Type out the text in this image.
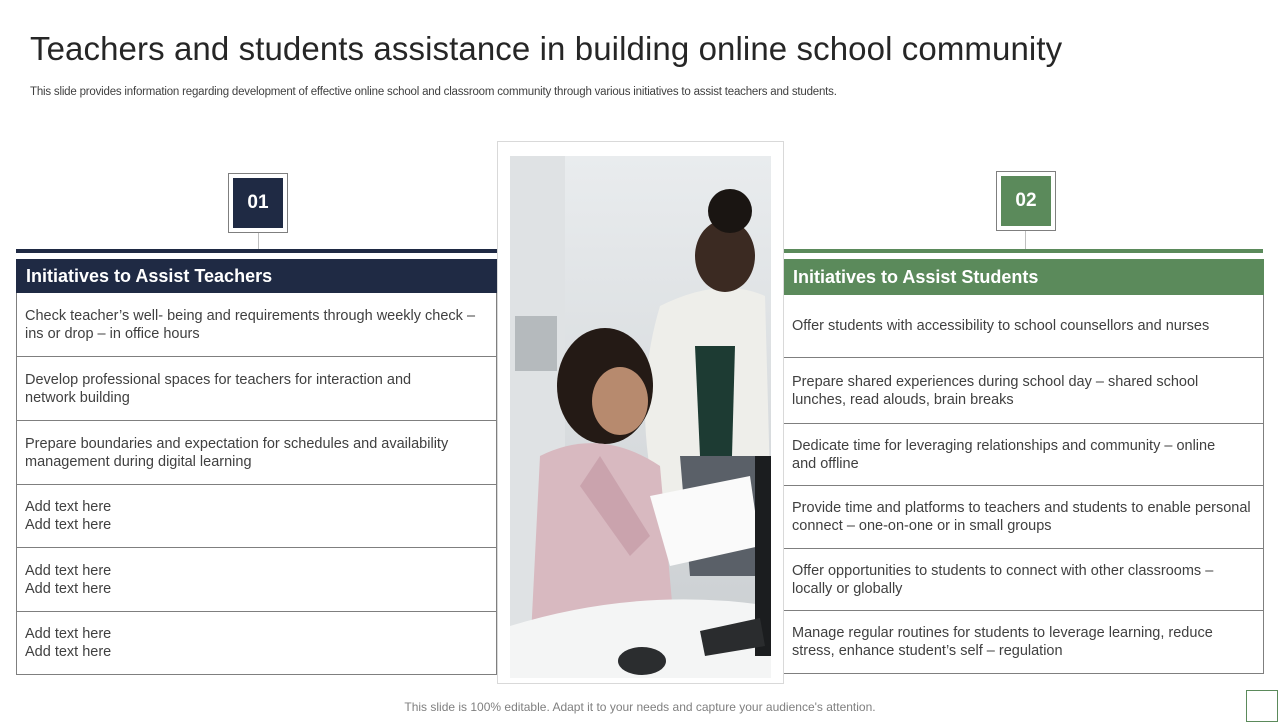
Teachers and students assistance in building online school community
This slide provides information regarding development of effective online school and classroom community through various initiatives to assist teachers and students.
01	02
Initiatives to Assist Teachers
Check teacher’s well- being and requirements through weekly check –
ins or drop – in office hours
Develop professional spaces for teachers for interaction and
network building
Prepare boundaries and expectation for schedules and availability
management during digital learning
Add text here
Add text here
Add text here
Add text here
Add text here
Add text here
Initiatives to Assist Students
Offer students with accessibility to school counsellors and nurses
Prepare shared experiences during school day – shared school
lunches, read alouds, brain breaks
Dedicate time for leveraging relationships and community – online
and offline
Provide time and platforms to teachers and students to enable personal
connect – one-on-one or in small groups
Offer opportunities to students to connect with other classrooms –
locally or globally
Manage regular routines for students to leverage learning, reduce
stress, enhance student’s self – regulation
This slide is 100% editable. Adapt it to your needs and capture your audience's attention.
